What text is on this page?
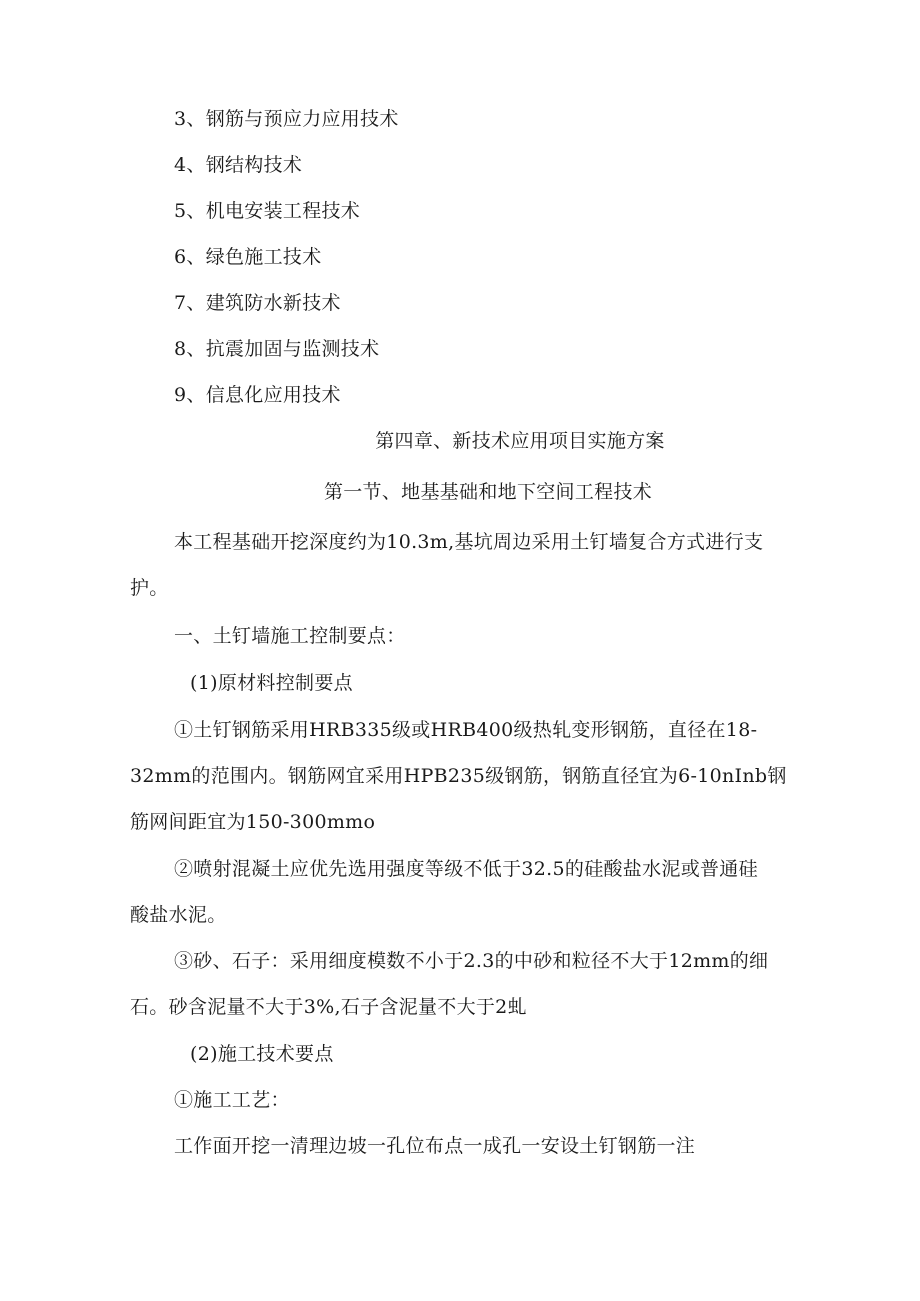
3、钢筋与预应力应用技术
4、钢结构技术
5、机电安装工程技术
6、绿色施工技术
7、建筑防水新技术
8、抗震加固与监测技术
9、信息化应用技术
第四章、新技术应用项目实施方案
第一节、地基基础和地下空间工程技术
本工程基础开挖深度约为10.3m,基坑周边采用土钉墙复合方式进行支
护。
一、土钉墙施工控制要点：
(1)原材料控制要点
①土钉钢筋采用HRB335级或HRB400级热轧变形钢筋，直径在18-
32mm的范围内。钢筋网宜采用HPB235级钢筋，钢筋直径宜为6-10nInb钢
筋网间距宜为150-300mmo
②喷射混凝土应优先选用强度等级不低于32.5的硅酸盐水泥或普通硅
酸盐水泥。
③砂、石子：采用细度模数不小于2.3的中砂和粒径不大于12mm的细
石。砂含泥量不大于3%,石子含泥量不大于2虬
(2)施工技术要点
①施工工艺：
工作面开挖一清理边坡一孔位布点一成孔一安设土钉钢筋一注
